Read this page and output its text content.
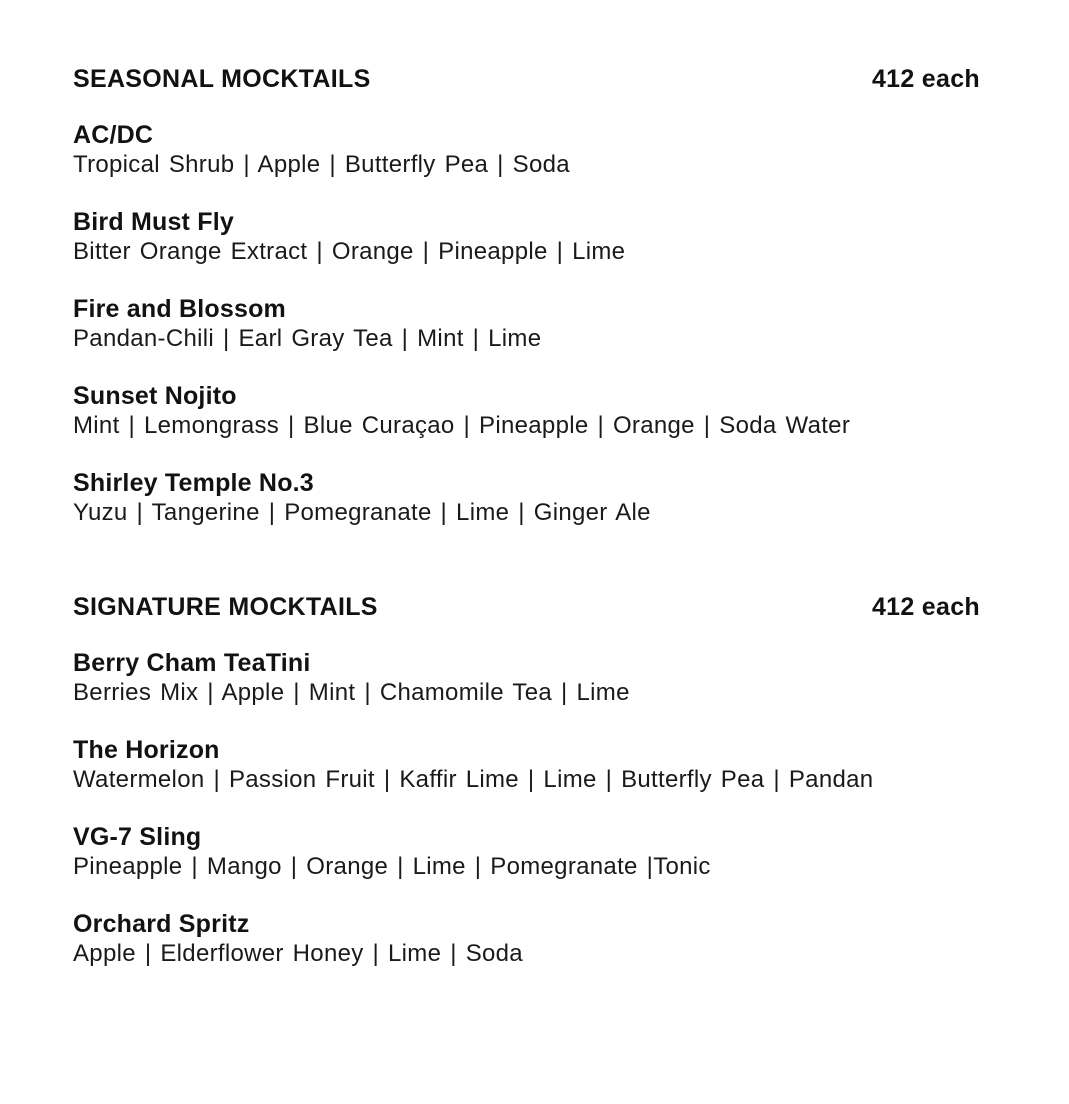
SEASONAL MOCKTAILS	412 each
AC/DC
Tropical Shrub | Apple | Butterfly Pea | Soda
Bird Must Fly
Bitter Orange Extract | Orange | Pineapple | Lime
Fire and Blossom
Pandan-Chili | Earl Gray Tea | Mint | Lime
Sunset Nojito
Mint | Lemongrass | Blue Curaçao | Pineapple | Orange | Soda Water
Shirley Temple No.3
Yuzu | Tangerine | Pomegranate | Lime | Ginger Ale
SIGNATURE MOCKTAILS	412 each
Berry Cham TeaTini
Berries Mix | Apple | Mint | Chamomile Tea | Lime
The Horizon
Watermelon | Passion Fruit | Kaffir Lime | Lime | Butterfly Pea | Pandan
VG-7 Sling
Pineapple | Mango | Orange | Lime | Pomegranate |Tonic
Orchard Spritz
Apple | Elderflower Honey | Lime | Soda
